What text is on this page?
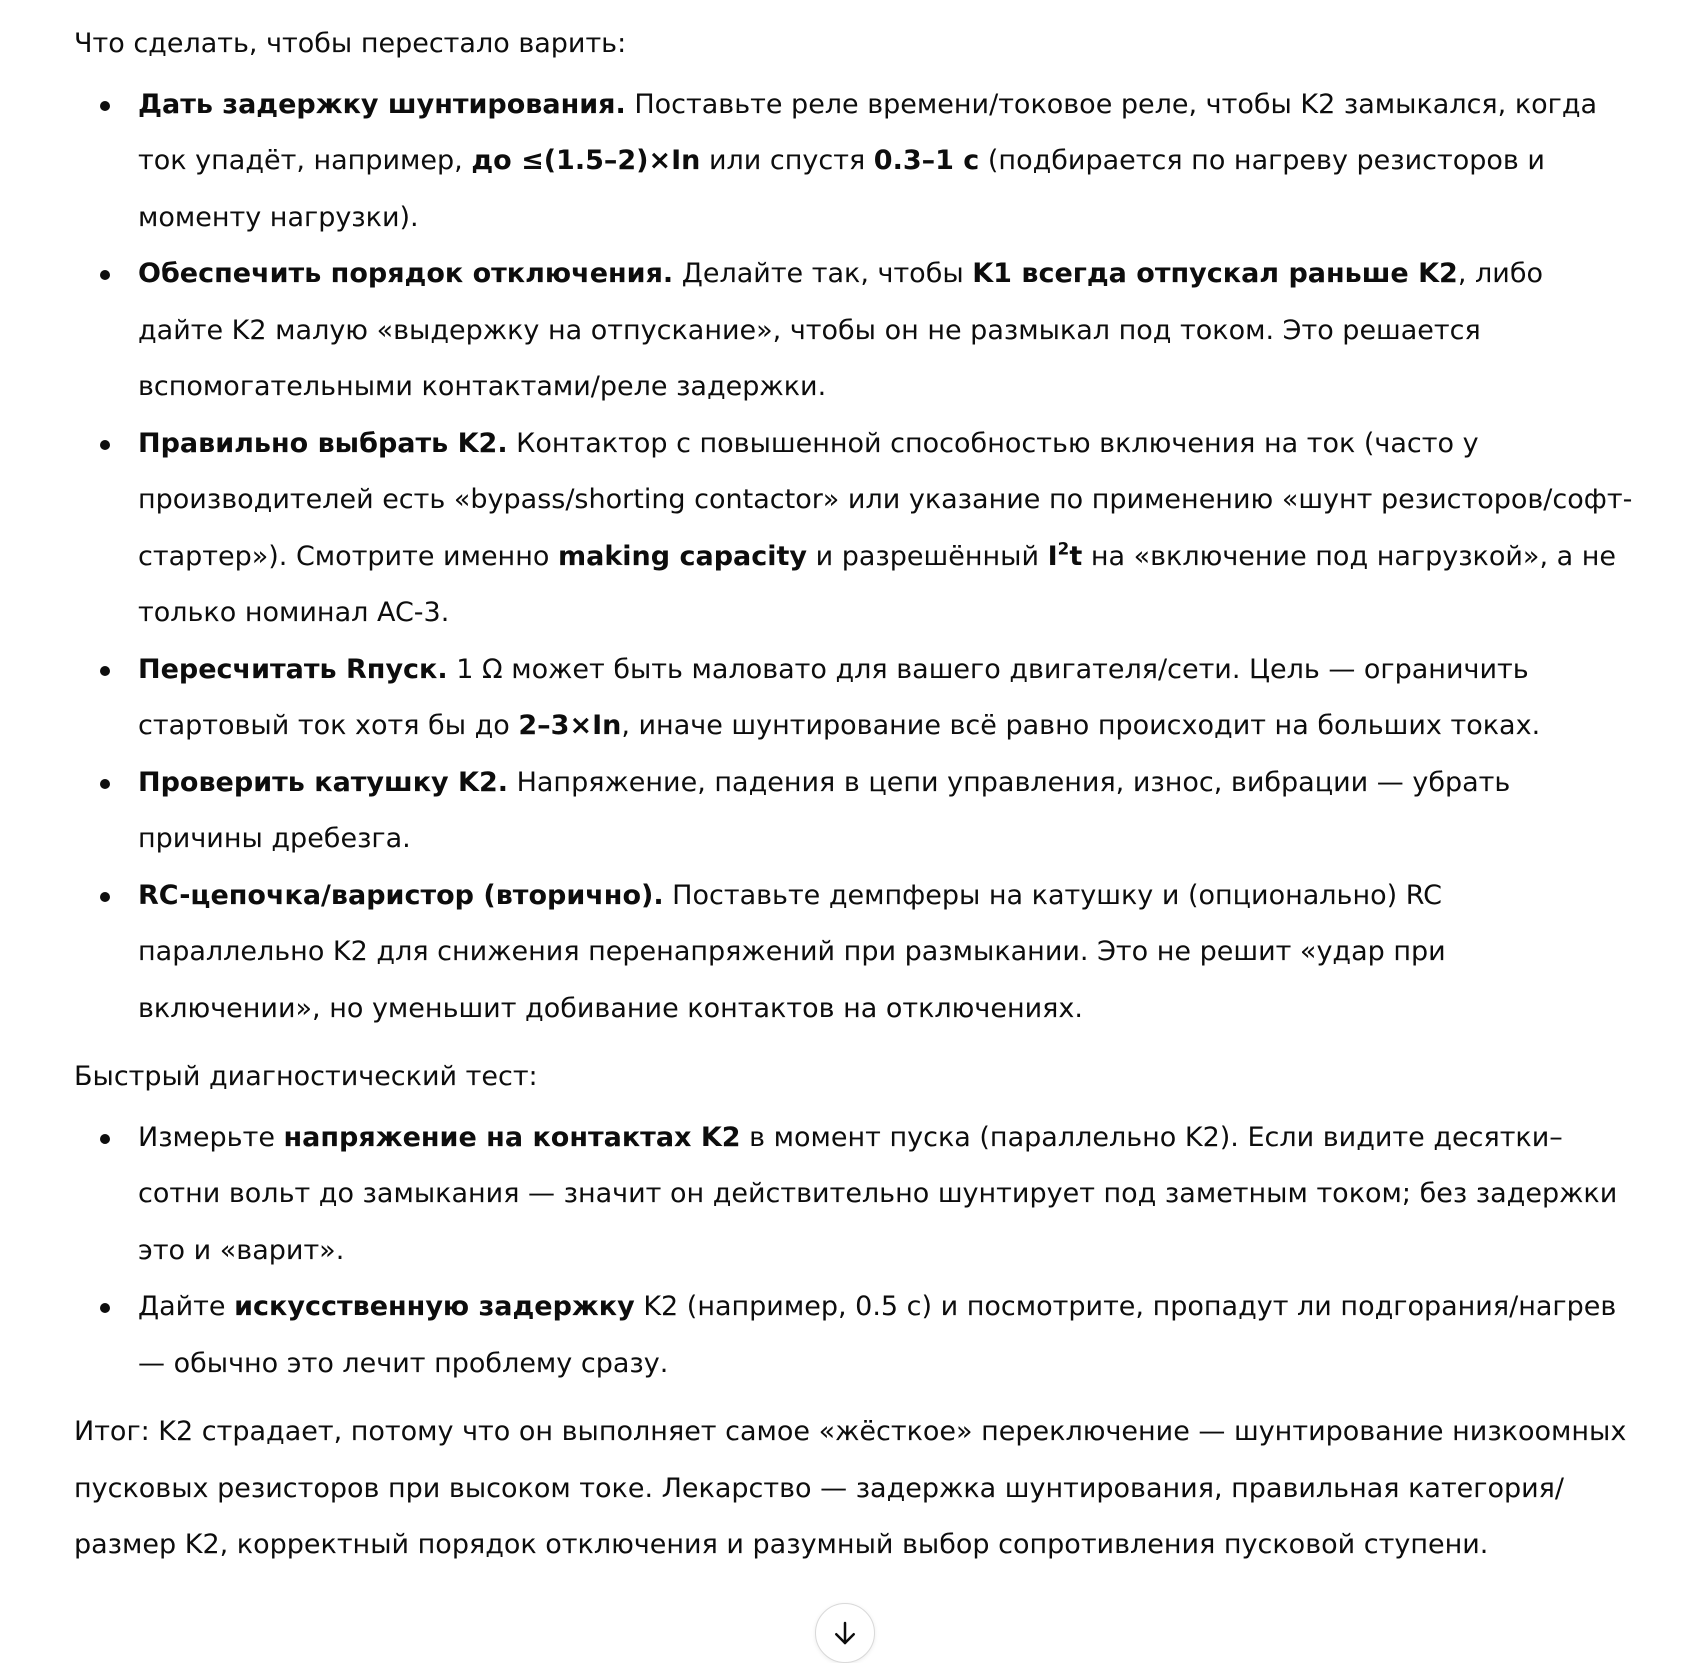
Что сделать, чтобы перестало варить:

Дать задержку шунтирования. Поставьте реле времени/токовое реле, чтобы K2 замыкался, когда ток упадёт, например, до ≤(1.5–2)×In или спустя 0.3–1 с (подбирается по нагреву резисторов и моменту нагрузки).
Обеспечить порядок отключения. Делайте так, чтобы K1 всегда отпускал раньше K2, либо дайте K2 малую «выдержку на отпускание», чтобы он не размыкал под током. Это решается вспомогательными контактами/реле задержки.
Правильно выбрать K2. Контактор с повышенной способностью включения на ток (часто у производителей есть «bypass/shorting contactor» или указание по применению «шунт резисторов/софт-стартер»). Смотрите именно making capacity и разрешённый $I^2t$ на «включение под нагрузкой», а не только номинал AC-3.
Пересчитать Rпуск. 1 Ω может быть маловато для вашего двигателя/сети. Цель — ограничить стартовый ток хотя бы до 2–3×In, иначе шунтирование всё равно происходит на больших токах.
Проверить катушку K2. Напряжение, падения в цепи управления, износ, вибрации — убрать причины дребезга.
RC-цепочка/варистор (вторично). Поставьте демпферы на катушку и (опционально) RC параллельно K2 для снижения перенапряжений при размыкании. Это не решит «удар при включении», но уменьшит добивание контактов на отключениях.

Быстрый диагностический тест:

Измерьте напряжение на контактах K2 в момент пуска (параллельно K2). Если видите десятки–сотни вольт до замыкания — значит он действительно шунтирует под заметным током; без задержки это и «варит».
Дайте искусственную задержку K2 (например, 0.5 с) и посмотрите, пропадут ли подгорания/нагрев — обычно это лечит проблему сразу.

Итог: K2 страдает, потому что он выполняет самое «жёсткое» переключение — шунтирование низкоомных пусковых резисторов при высоком токе. Лекарство — задержка шунтирования, правильная категория/размер K2, корректный порядок отключения и разумный выбор сопротивления пусковой ступени.
